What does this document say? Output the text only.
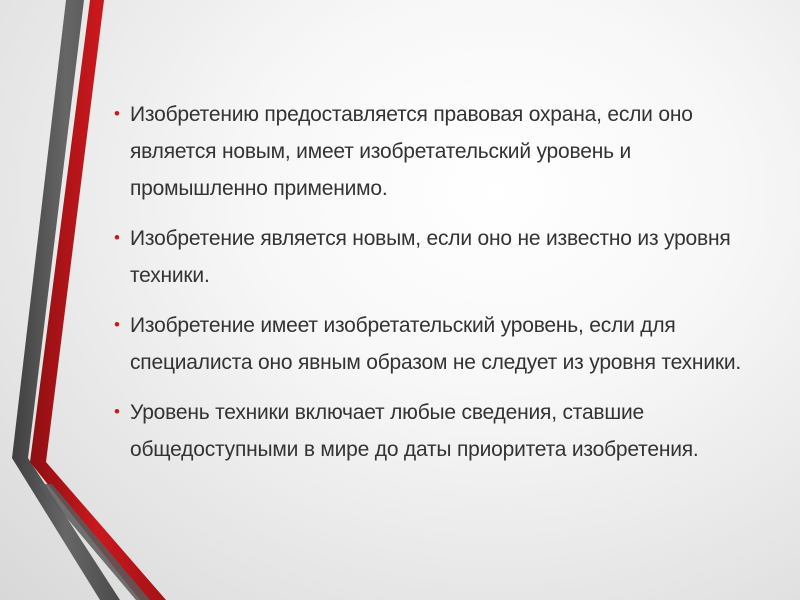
• Изобретению предоставляется правовая охрана, если оно является новым, имеет изобретательский уровень и промышленно применимо.
• Изобретение является новым, если оно не известно из уровня техники.
• Изобретение имеет изобретательский уровень, если для специалиста оно явным образом не следует из уровня техники.
• Уровень техники включает любые сведения, ставшие общедоступными в мире до даты приоритета изобретения.
